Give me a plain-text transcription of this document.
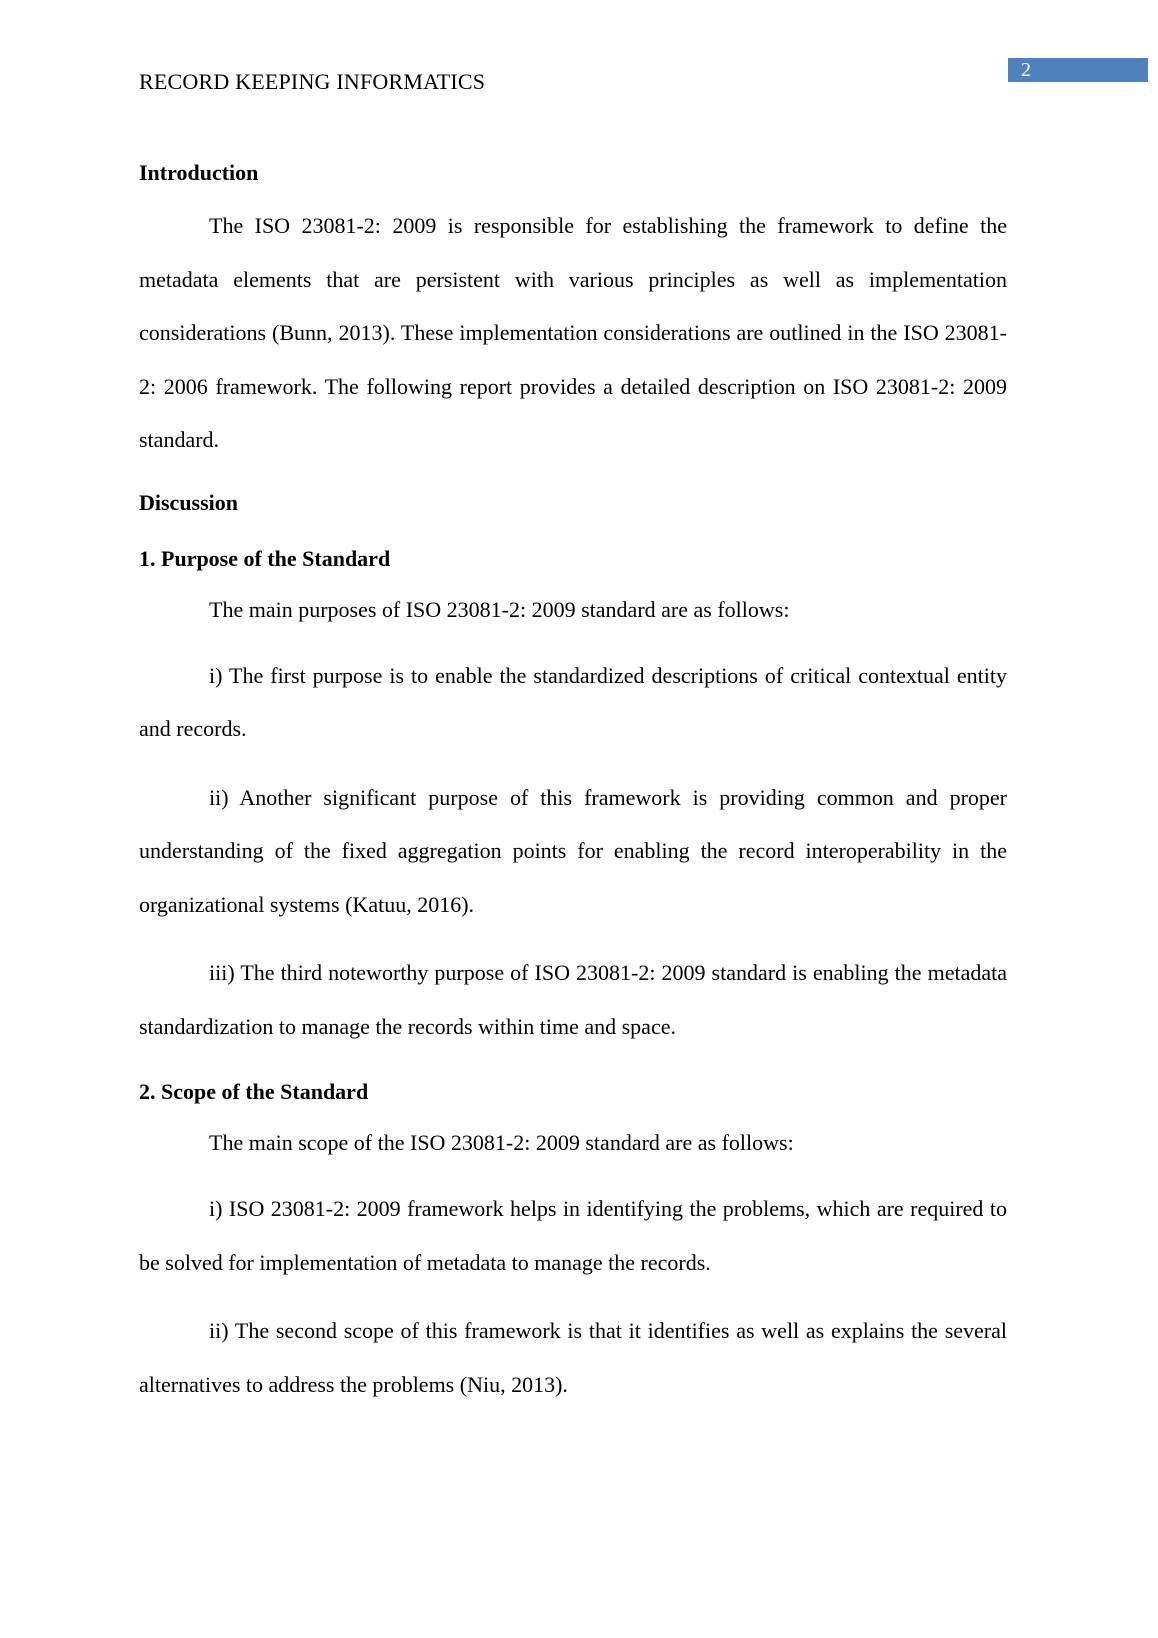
2
RECORD KEEPING INFORMATICS

Introduction

The ISO 23081-2: 2009 is responsible for establishing the framework to define the metadata elements that are persistent with various principles as well as implementation considerations (Bunn, 2013). These implementation considerations are outlined in the ISO 23081-2: 2006 framework. The following report provides a detailed description on ISO 23081-2: 2009 standard.

Discussion

1. Purpose of the Standard

The main purposes of ISO 23081-2: 2009 standard are as follows:

i) The first purpose is to enable the standardized descriptions of critical contextual entity and records.

ii) Another significant purpose of this framework is providing common and proper understanding of the fixed aggregation points for enabling the record interoperability in the organizational systems (Katuu, 2016).

iii) The third noteworthy purpose of ISO 23081-2: 2009 standard is enabling the metadata standardization to manage the records within time and space.

2. Scope of the Standard

The main scope of the ISO 23081-2: 2009 standard are as follows:

i) ISO 23081-2: 2009 framework helps in identifying the problems, which are required to be solved for implementation of metadata to manage the records.

ii) The second scope of this framework is that it identifies as well as explains the several alternatives to address the problems (Niu, 2013).
